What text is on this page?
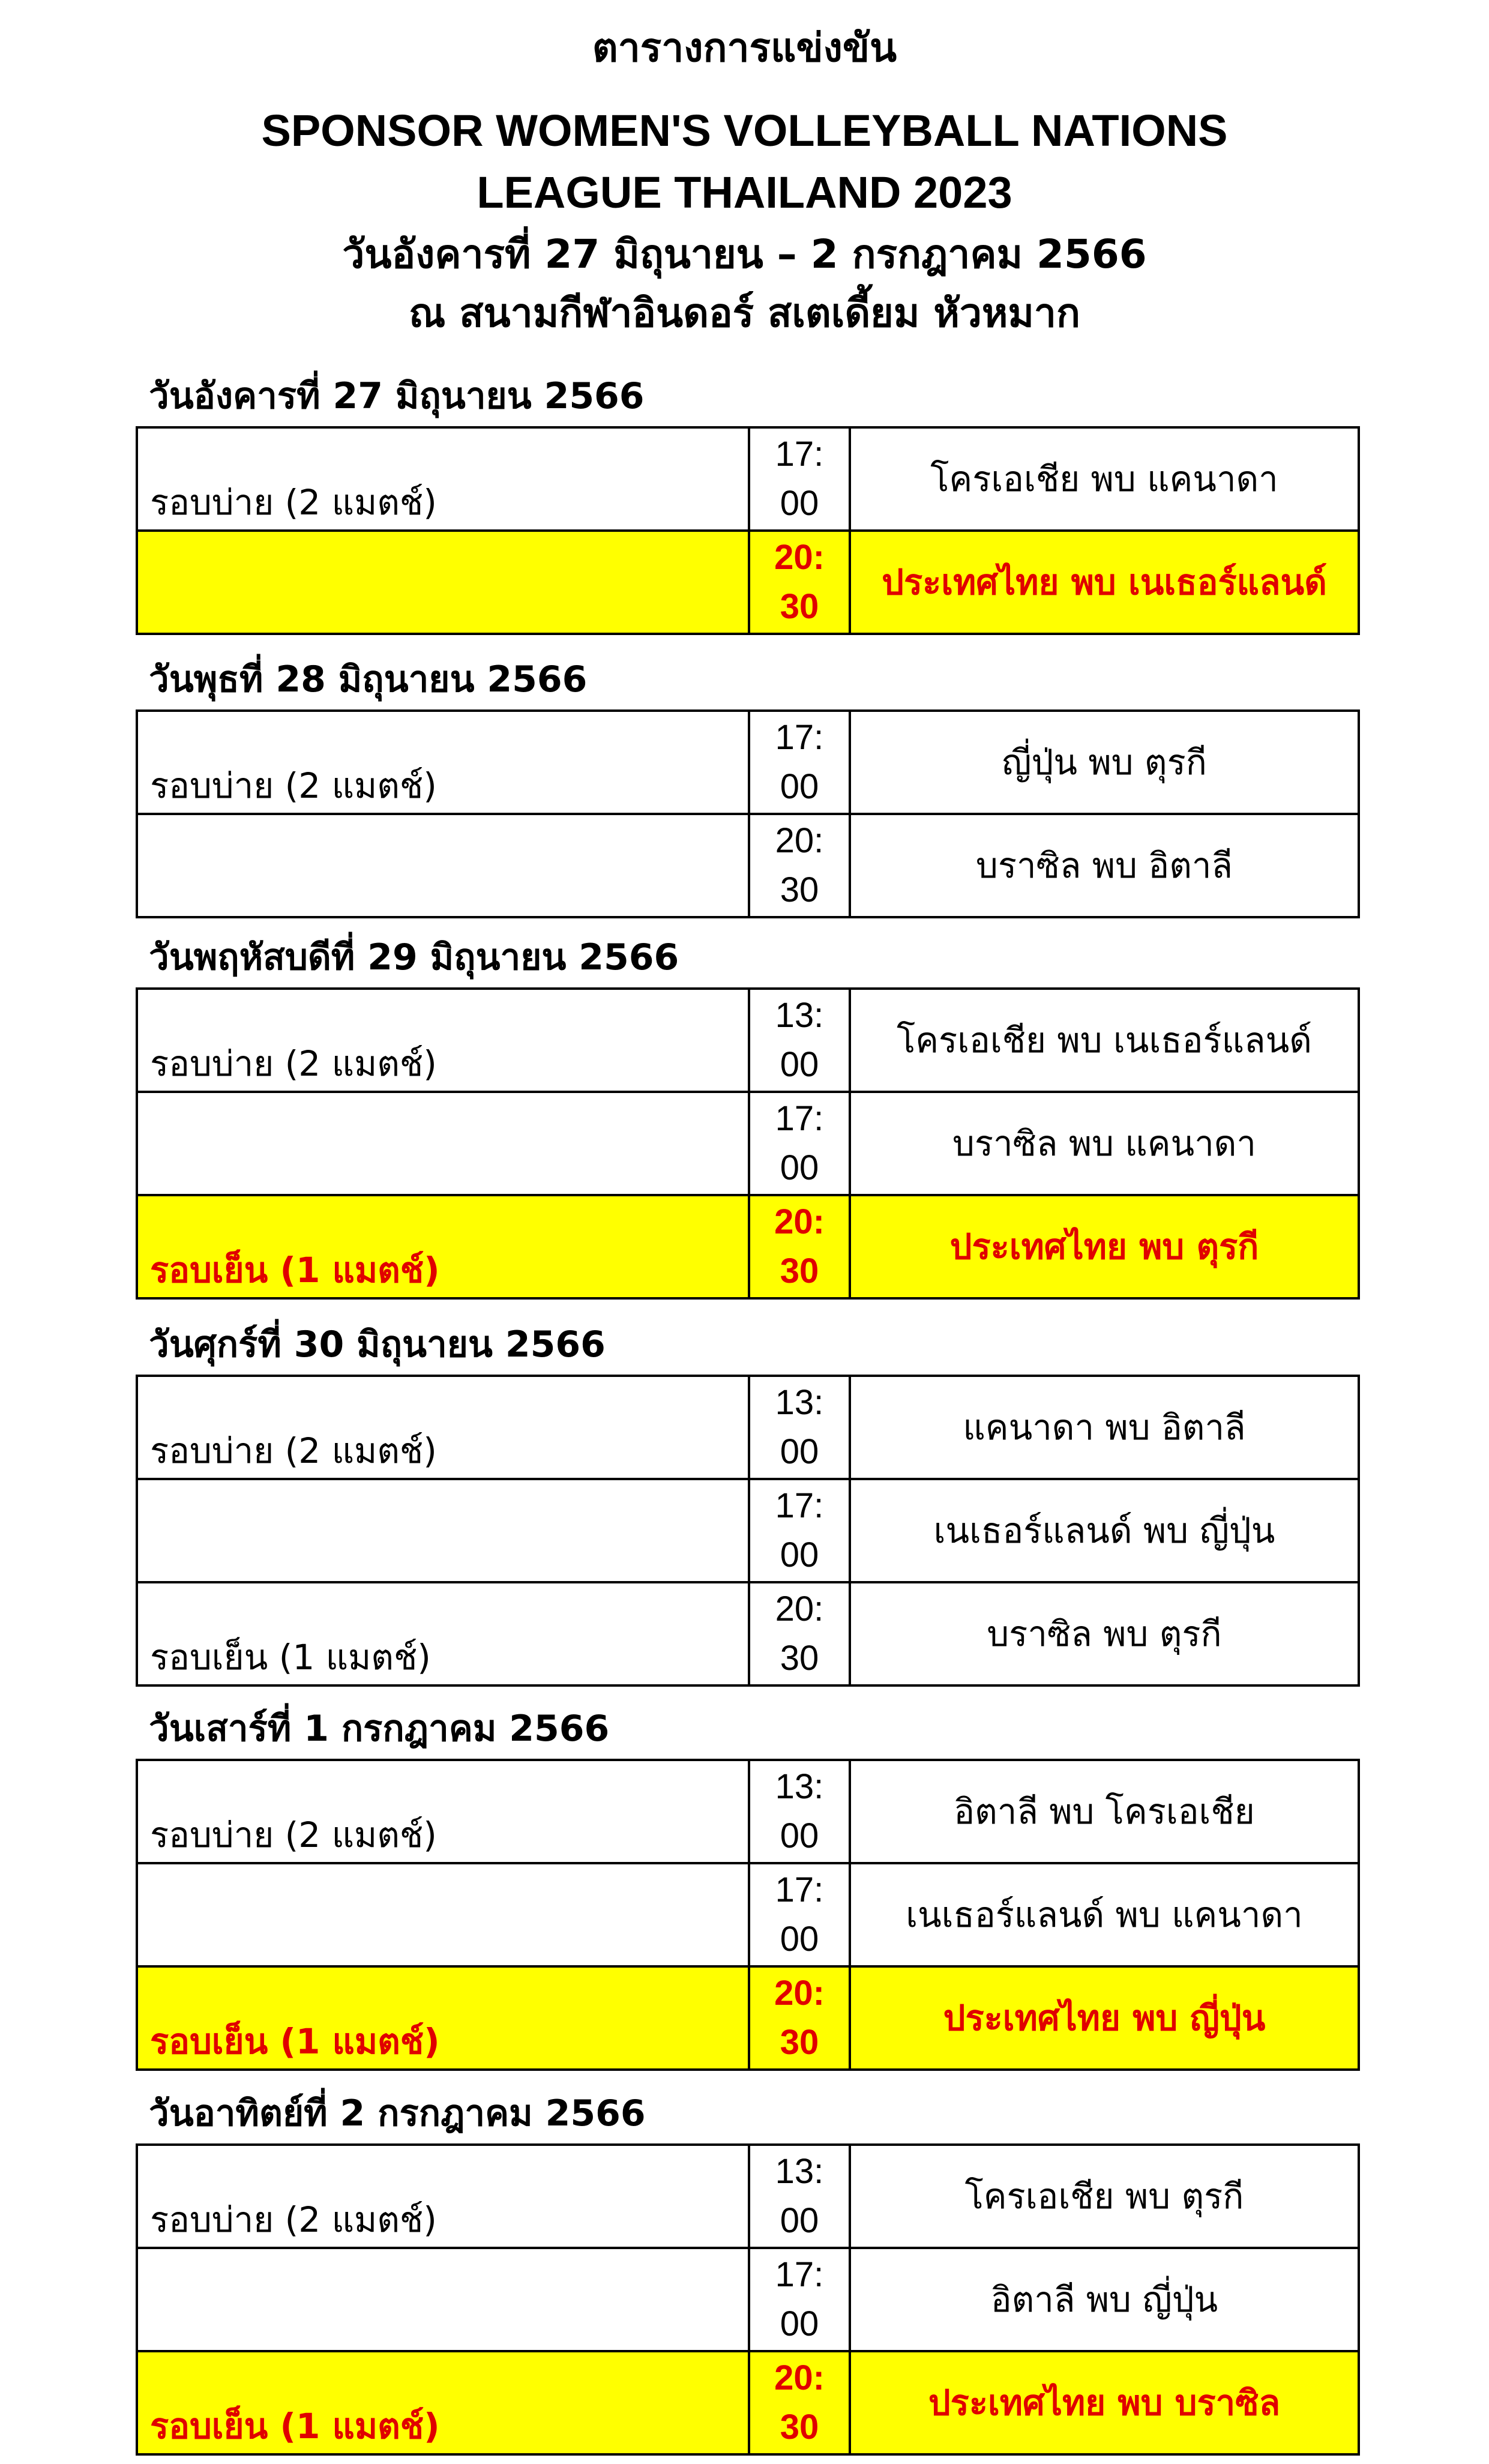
ตารางการแข่งขัน
SPONSOR WOMEN'S VOLLEYBALL NATIONS
LEAGUE THAILAND 2023
วันอังคารที่ 27 มิถุนายน – 2 กรกฎาคม 2566
ณ สนามกีฬาอินดอร์ สเตเดี้ยม หัวหมาก
วันอังคารที่ 27 มิถุนายน 2566
รอบบ่าย (2 แมตช์)
17:
00
โครเอเชีย พบ แคนาดา
20:
30
ประเทศไทย พบ เนเธอร์แลนด์
วันพุธที่ 28 มิถุนายน 2566
รอบบ่าย (2 แมตช์)
17:
00
ญี่ปุ่น พบ ตุรกี
20:
30
บราซิล พบ อิตาลี
วันพฤหัสบดีที่ 29 มิถุนายน 2566
รอบบ่าย (2 แมตช์)
13:
00
โครเอเชีย พบ เนเธอร์แลนด์
17:
00
บราซิล พบ แคนาดา
รอบเย็น (1 แมตช์)
20:
30
ประเทศไทย พบ ตุรกี
วันศุกร์ที่ 30 มิถุนายน 2566
รอบบ่าย (2 แมตช์)
13:
00
แคนาดา พบ อิตาลี
17:
00
เนเธอร์แลนด์ พบ ญี่ปุ่น
รอบเย็น (1 แมตช์)
20:
30
บราซิล พบ ตุรกี
วันเสาร์ที่ 1 กรกฎาคม 2566
รอบบ่าย (2 แมตช์)
13:
00
อิตาลี พบ โครเอเชีย
17:
00
เนเธอร์แลนด์ พบ แคนาดา
รอบเย็น (1 แมตช์)
20:
30
ประเทศไทย พบ ญี่ปุ่น
วันอาทิตย์ที่ 2 กรกฎาคม 2566
รอบบ่าย (2 แมตช์)
13:
00
โครเอเชีย พบ ตุรกี
17:
00
อิตาลี พบ ญี่ปุ่น
รอบเย็น (1 แมตช์)
20:
30
ประเทศไทย พบ บราซิล
